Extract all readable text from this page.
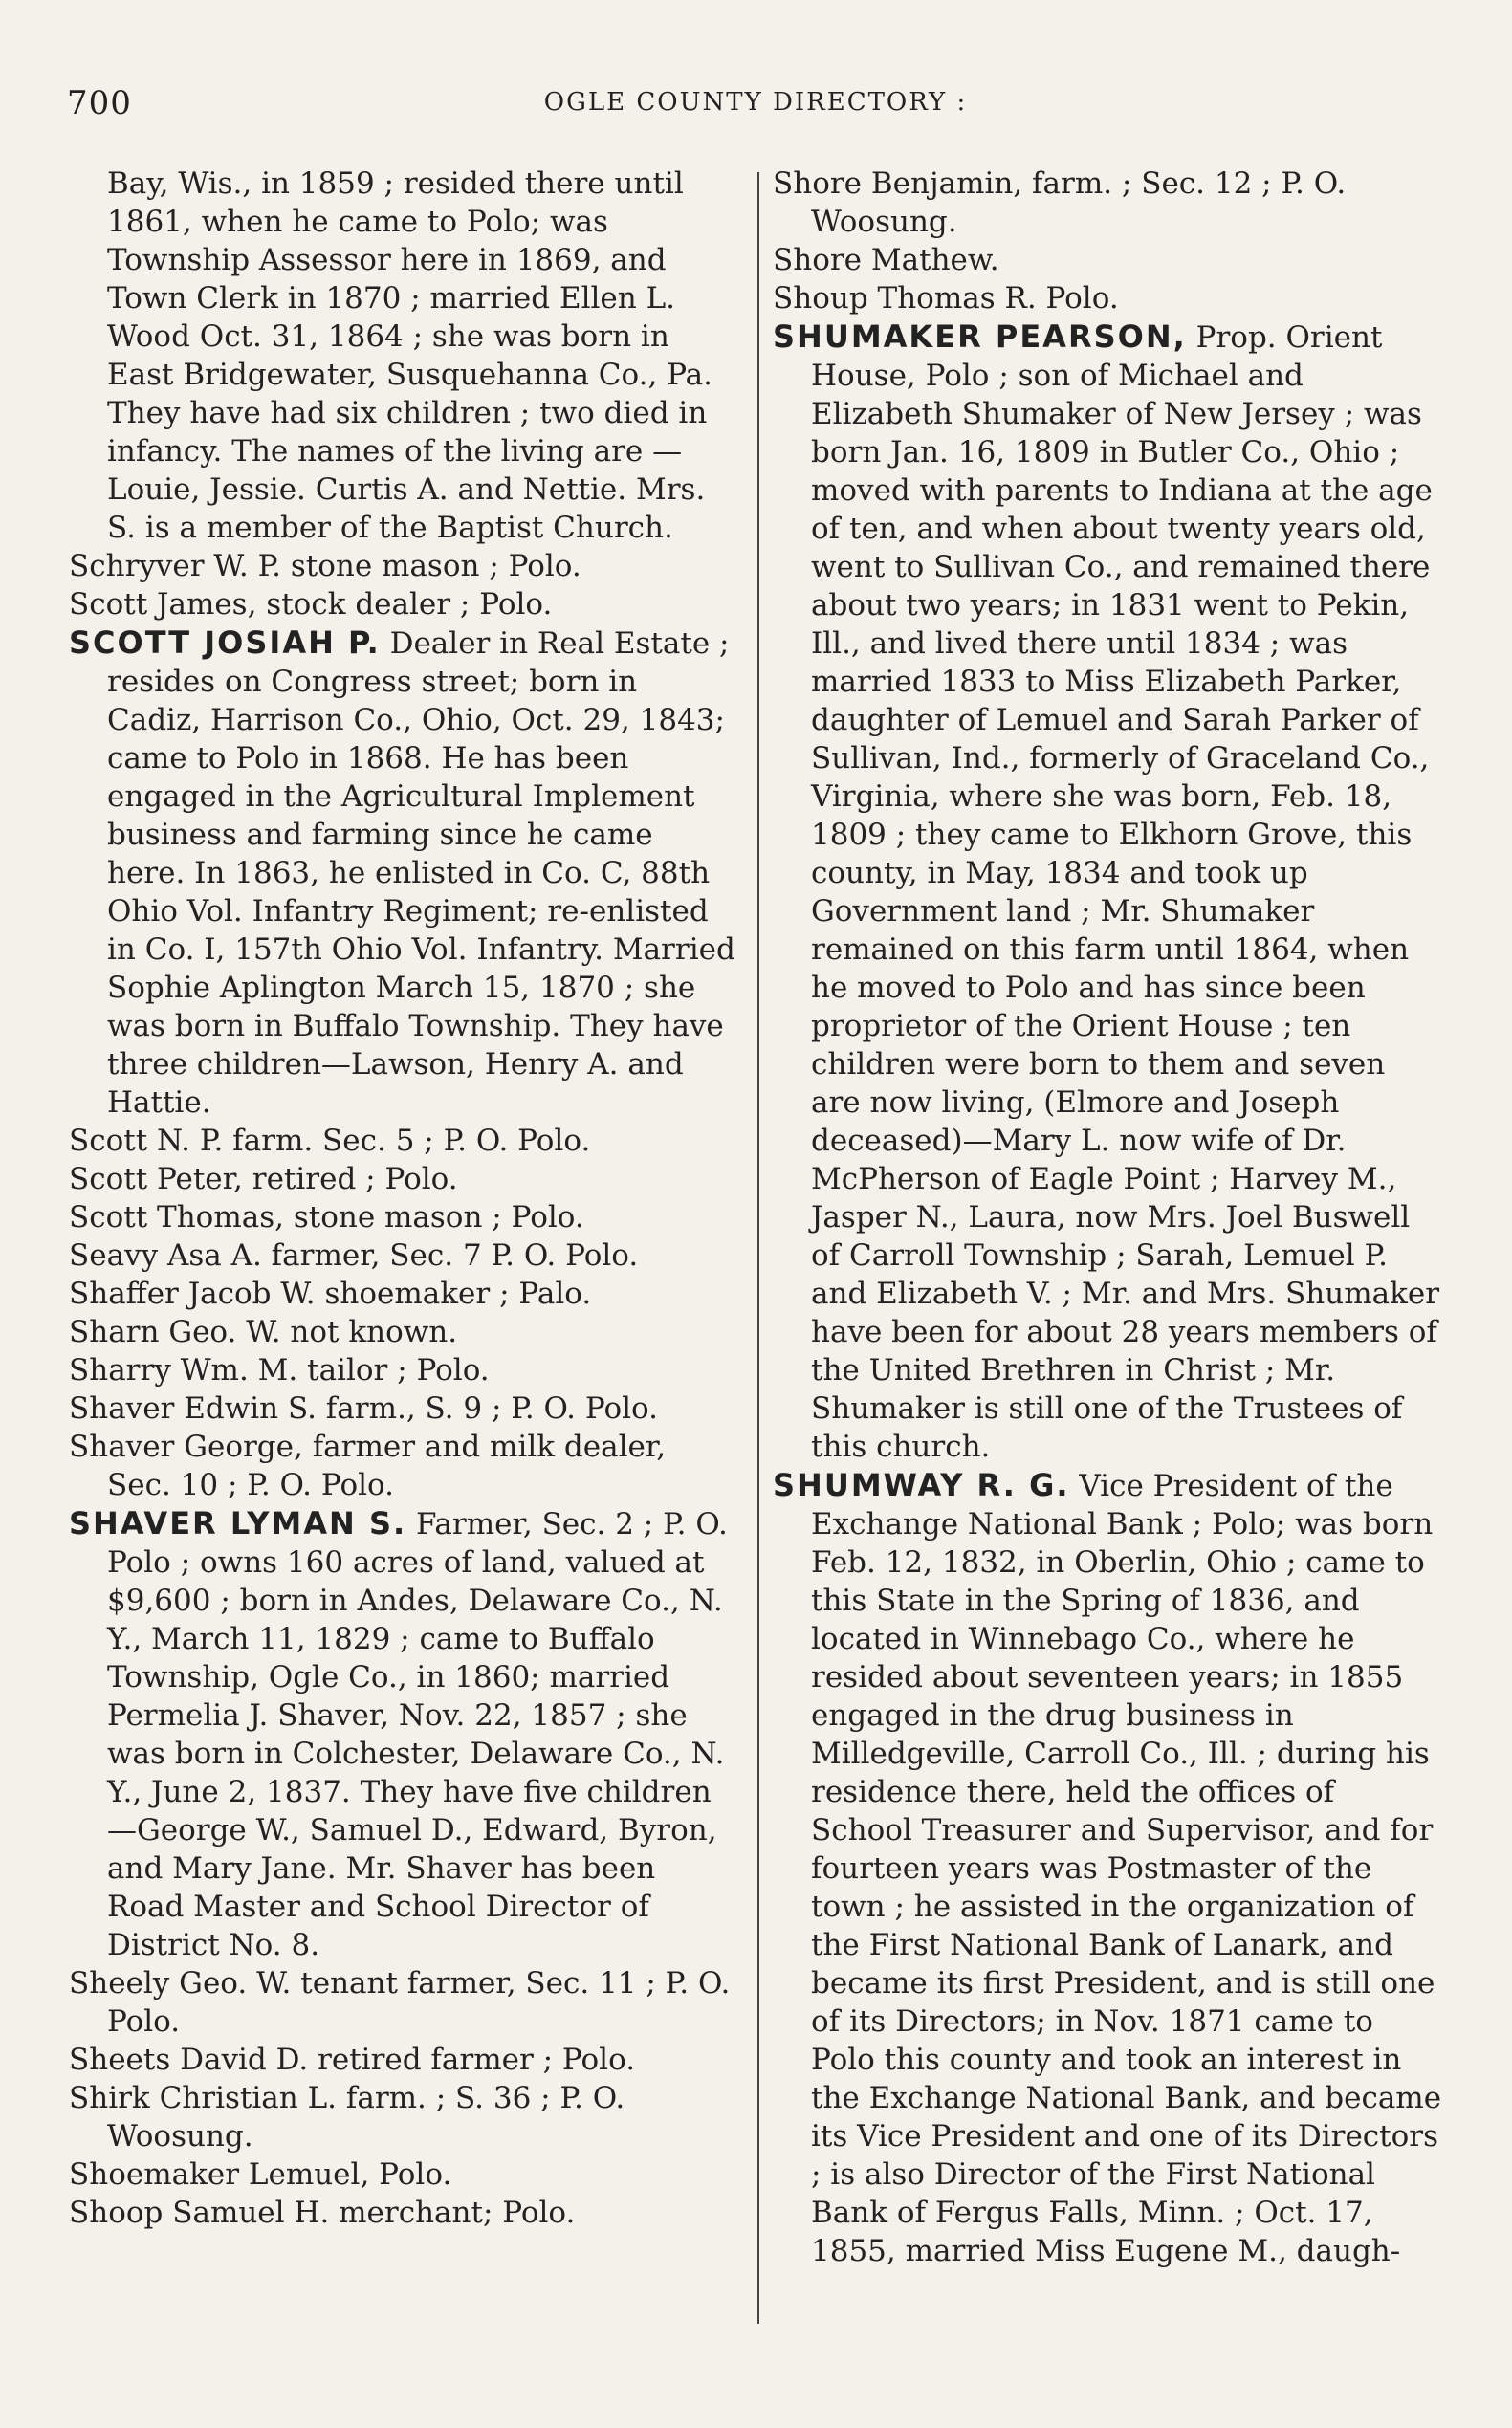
700	OGLE COUNTY DIRECTORY :

Bay, Wis., in 1859 ; resided there until 1861, when he came to Polo; was Township Assessor here in 1869, and Town Clerk in 1870 ; married Ellen L. Wood Oct. 31, 1864 ; she was born in East Bridgewater, Susquehanna Co., Pa. They have had six children ; two died in infancy. The names of the living are — Louie, Jessie. Curtis A. and Nettie. Mrs. S. is a member of the Baptist Church.

Schryver W. P. stone mason ; Polo.

Scott James, stock dealer ; Polo.

SCOTT JOSIAH P. Dealer in Real Estate ; resides on Congress street; born in Cadiz, Harrison Co., Ohio, Oct. 29, 1843; came to Polo in 1868. He has been engaged in the Agricultural Implement business and farming since he came here. In 1863, he enlisted in Co. C, 88th Ohio Vol. Infantry Regiment; re-enlisted in Co. I, 157th Ohio Vol. Infantry. Married Sophie Aplington March 15, 1870 ; she was born in Buffalo Township. They have three children—Lawson, Henry A. and Hattie.

Scott N. P. farm. Sec. 5 ; P. O. Polo.

Scott Peter, retired ; Polo.

Scott Thomas, stone mason ; Polo.

Seavy Asa A. farmer, Sec. 7 P. O. Polo.

Shaffer Jacob W. shoemaker ; Palo.

Sharn Geo. W. not known.

Sharry Wm. M. tailor ; Polo.

Shaver Edwin S. farm., S. 9 ; P. O. Polo.

Shaver George, farmer and milk dealer, Sec. 10 ; P. O. Polo.

SHAVER LYMAN S. Farmer, Sec. 2 ; P. O. Polo ; owns 160 acres of land, valued at $9,600 ; born in Andes, Delaware Co., N. Y., March 11, 1829 ; came to Buffalo Township, Ogle Co., in 1860; married Permelia J. Shaver, Nov. 22, 1857 ; she was born in Colchester, Delaware Co., N. Y., June 2, 1837. They have five children—George W., Samuel D., Edward, Byron, and Mary Jane. Mr. Shaver has been Road Master and School Director of District No. 8.

Sheely Geo. W. tenant farmer, Sec. 11 ; P. O. Polo.

Sheets David D. retired farmer ; Polo.

Shirk Christian L. farm. ; S. 36 ; P. O. Woosung.

Shoemaker Lemuel, Polo.

Shoop Samuel H. merchant; Polo.

Shore Benjamin, farm. ; Sec. 12 ; P. O. Woosung.

Shore Mathew.

Shoup Thomas R. Polo.

SHUMAKER PEARSON, Prop. Orient House, Polo ; son of Michael and Elizabeth Shumaker of New Jersey ; was born Jan. 16, 1809 in Butler Co., Ohio ; moved with parents to Indiana at the age of ten, and when about twenty years old, went to Sullivan Co., and remained there about two years; in 1831 went to Pekin, Ill., and lived there until 1834 ; was married 1833 to Miss Elizabeth Parker, daughter of Lemuel and Sarah Parker of Sullivan, Ind., formerly of Graceland Co., Virginia, where she was born, Feb. 18, 1809 ; they came to Elkhorn Grove, this county, in May, 1834 and took up Government land ; Mr. Shumaker remained on this farm until 1864, when he moved to Polo and has since been proprietor of the Orient House ; ten children were born to them and seven are now living, (Elmore and Joseph deceased)—Mary L. now wife of Dr. McPherson of Eagle Point ; Harvey M., Jasper N., Laura, now Mrs. Joel Buswell of Carroll Township ; Sarah, Lemuel P. and Elizabeth V. ; Mr. and Mrs. Shumaker have been for about 28 years members of the United Brethren in Christ ; Mr. Shumaker is still one of the Trustees of this church.

SHUMWAY R. G. Vice President of the Exchange National Bank ; Polo; was born Feb. 12, 1832, in Oberlin, Ohio ; came to this State in the Spring of 1836, and located in Winnebago Co., where he resided about seventeen years; in 1855 engaged in the drug business in Milledgeville, Carroll Co., Ill. ; during his residence there, held the offices of School Treasurer and Supervisor, and for fourteen years was Postmaster of the town ; he assisted in the organization of the First National Bank of Lanark, and became its first President, and is still one of its Directors; in Nov. 1871 came to Polo this county and took an interest in the Exchange National Bank, and became its Vice President and one of its Directors ; is also Director of the First National Bank of Fergus Falls, Minn. ; Oct. 17, 1855, married Miss Eugene M., daugh-
